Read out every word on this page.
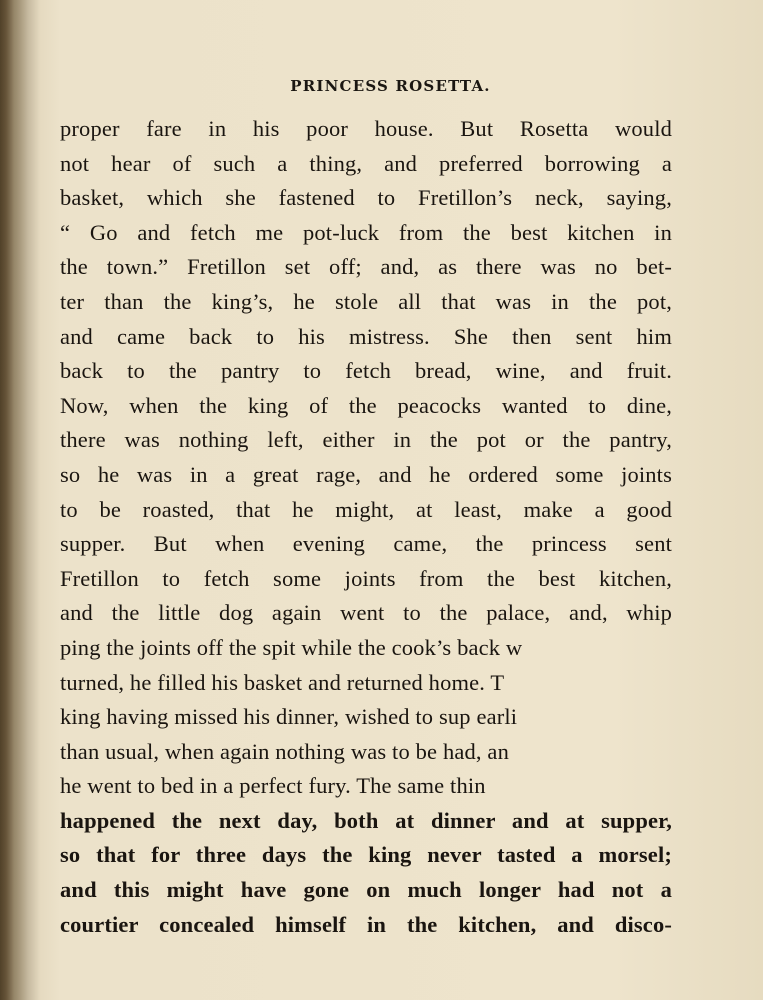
PRINCESS ROSETTA.
proper fare in his poor house. But Rosetta would
not hear of such a thing, and preferred borrowing a
basket, which she fastened to Fretillon’s neck, saying,
“ Go and fetch me pot-luck from the best kitchen in
the town.” Fretillon set off; and, as there was no bet-
ter than the king’s, he stole all that was in the pot,
and came back to his mistress. She then sent him
back to the pantry to fetch bread, wine, and fruit.
Now, when the king of the peacocks wanted to dine,
there was nothing left, either in the pot or the pantry,
so he was in a great rage, and he ordered some joints
to be roasted, that he might, at least, make a good
supper. But when evening came, the princess sent
Fretillon to fetch some joints from the best kitchen,
and the little dog again went to the palace, and, whip
ping the joints off the spit while the cook’s back w
turned, he filled his basket and returned home. T
king having missed his dinner, wished to sup earli
than usual, when again nothing was to be had, an
he went to bed in a perfect fury. The same thin
happened the next day, both at dinner and at supper,
so that for three days the king never tasted a morsel;
and this might have gone on much longer had not a
courtier concealed himself in the kitchen, and disco-
